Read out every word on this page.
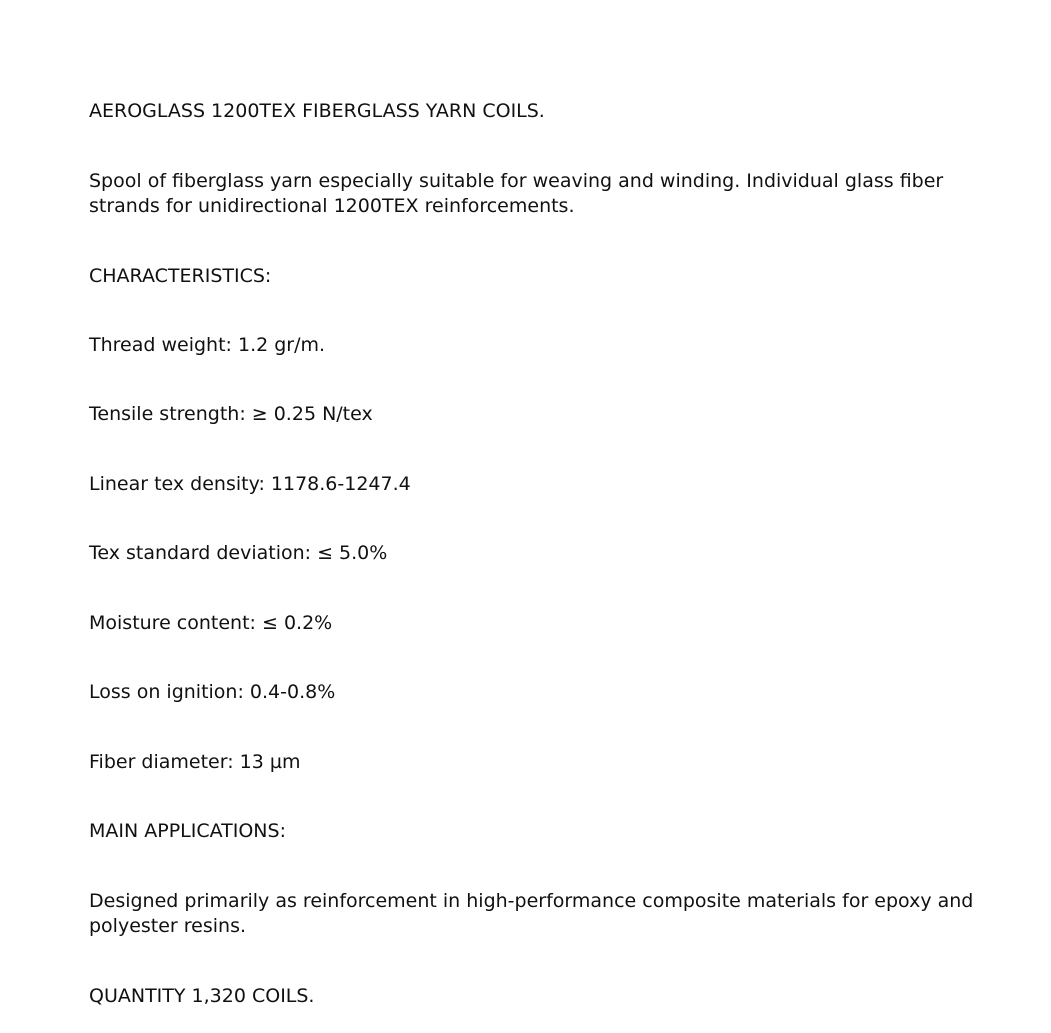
AEROGLASS 1200TEX FIBERGLASS YARN COILS.

Spool of fiberglass yarn especially suitable for weaving and winding. Individual glass fiber strands for unidirectional 1200TEX reinforcements.

CHARACTERISTICS:

Thread weight: 1.2 gr/m.

Tensile strength: ≥ 0.25 N/tex

Linear tex density: 1178.6-1247.4

Tex standard deviation: ≤ 5.0%

Moisture content: ≤ 0.2%

Loss on ignition: 0.4-0.8%

Fiber diameter: 13 µm

MAIN APPLICATIONS:

Designed primarily as reinforcement in high-performance composite materials for epoxy and polyester resins.

QUANTITY 1,320 COILS.
